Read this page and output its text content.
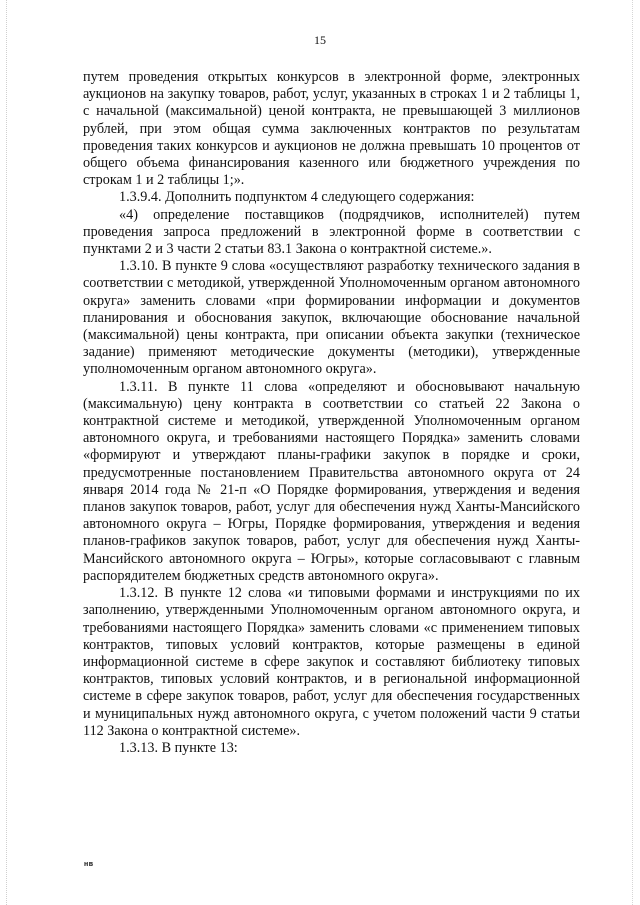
15

путем проведения открытых конкурсов в электронной форме, электронных аукционов на закупку товаров, работ, услуг, указанных в строках 1 и 2 таблицы 1, с начальной (максимальной) ценой контракта, не превышающей 3 миллионов рублей, при этом общая сумма заключенных контрактов по результатам проведения таких конкурсов и аукционов не должна превышать 10 процентов от общего объема финансирования казенного или бюджетного учреждения по строкам 1 и 2 таблицы 1;».

1.3.9.4. Дополнить подпунктом 4 следующего содержания:

«4) определение поставщиков (подрядчиков, исполнителей) путем проведения запроса предложений в электронной форме в соответствии с пунктами 2 и 3 части 2 статьи 83.1 Закона о контрактной системе.».

1.3.10. В пункте 9 слова «осуществляют разработку технического задания в соответствии с методикой, утвержденной Уполномоченным органом автономного округа» заменить словами «при формировании информации и документов планирования и обоснования закупок, включающие обоснование начальной (максимальной) цены контракта, при описании объекта закупки (техническое задание) применяют методические документы (методики), утвержденные уполномоченным органом автономного округа».

1.3.11. В пункте 11 слова «определяют и обосновывают начальную (максимальную) цену контракта в соответствии со статьей 22 Закона о контрактной системе и методикой, утвержденной Уполномоченным органом автономного округа, и требованиями настоящего Порядка» заменить словами «формируют и утверждают планы-графики закупок в порядке и сроки, предусмотренные постановлением Правительства автономного округа от 24 января 2014 года № 21-п «О Порядке формирования, утверждения и ведения планов закупок товаров, работ, услуг для обеспечения нужд Ханты-Мансийского автономного округа – Югры, Порядке формирования, утверждения и ведения планов-графиков закупок товаров, работ, услуг для обеспечения нужд Ханты-Мансийского автономного округа – Югры», которые согласовывают с главным распорядителем бюджетных средств автономного округа».

1.3.12. В пункте 12 слова «и типовыми формами и инструкциями по их заполнению, утвержденными Уполномоченным органом автономного округа, и требованиями настоящего Порядка» заменить словами «с применением типовых контрактов, типовых условий контрактов, которые размещены в единой информационной системе в сфере закупок и составляют библиотеку типовых контрактов, типовых условий контрактов, и в региональной информационной системе в сфере закупок товаров, работ, услуг для обеспечения государственных и муниципальных нужд автономного округа, с учетом положений части 9 статьи 112 Закона о контрактной системе».

1.3.13. В пункте 13:

нв
